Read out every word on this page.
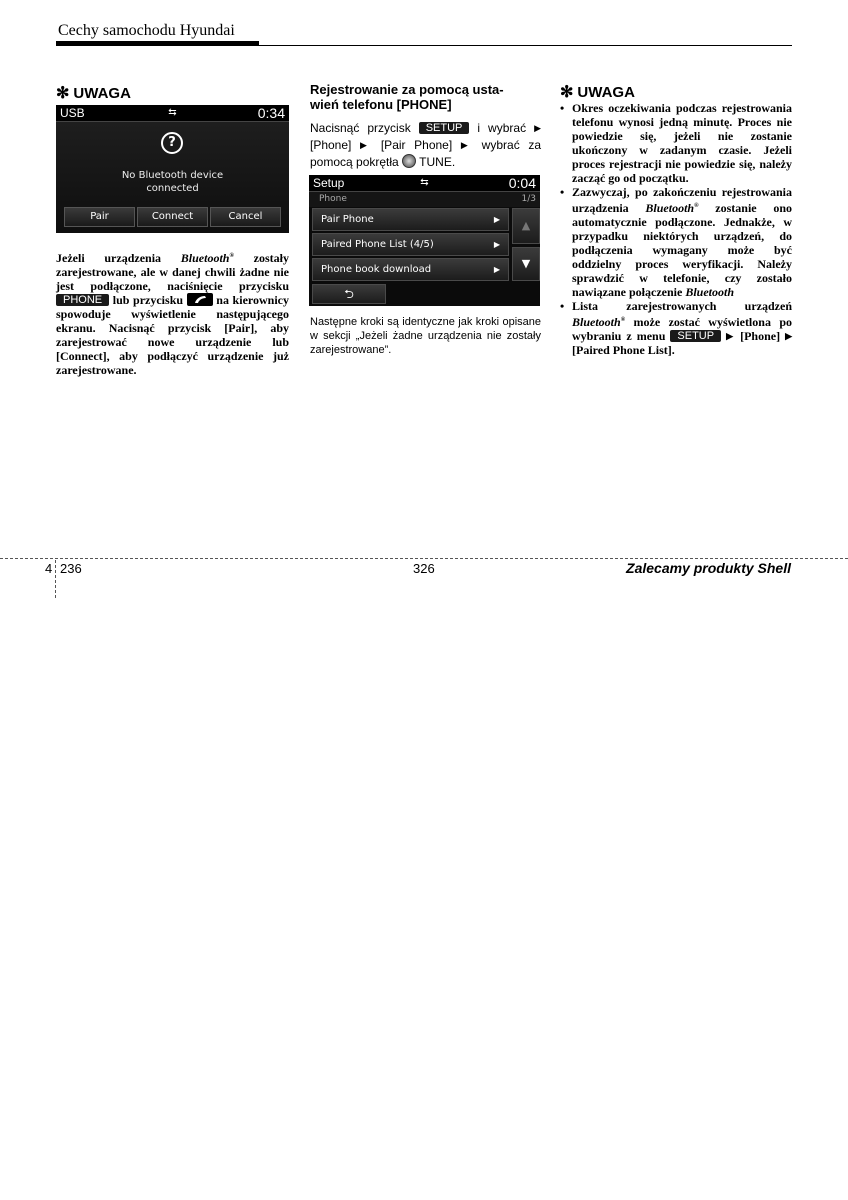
Cechy samochodu Hyundai
✻ UWAGA
USB	⇆	0:34
?
No Bluetooth device
connected
Pair	Connect	Cancel
Jeżeli urządzenia Bluetooth® zostały zarejestrowane, ale w danej chwili żadne nie jest podłączone, naciśnięcie przycisku PHONE lub przycisku  na kierownicy spowoduje wyświetlenie następującego ekranu. Nacisnąć przycisk [Pair], aby zarejestrować nowe urządzenie lub [Connect], aby podłączyć urządzenie już zarejestrowane.
Rejestrowanie za pomocą usta-
wień telefonu [PHONE]
Nacisnąć przycisk SETUP i wybrać ▶ [Phone] ▶ [Pair Phone] ▶ wybrać za pomocą pokrętła  TUNE.
Setup	⇆	0:04
Phone	1/3
Pair Phone	▶
Paired Phone List (4/5)	▶
Phone book download	▶
▲
▼
⮌
Następne kroki są identyczne jak kroki opisane w sekcji „Jeżeli żadne urządzenia nie zostały zarejestrowane”.
✻ UWAGA
• Okres oczekiwania podczas rejestrowania telefonu wynosi jedną minutę. Proces nie powiedzie się, jeżeli nie zostanie ukończony w zadanym czasie. Jeżeli proces rejestracji nie powiedzie się, należy zacząć go od początku.
• Zazwyczaj, po zakończeniu rejestrowania urządzenia Bluetooth® zostanie ono automatycznie podłączone. Jednakże, w przypadku niektórych urządzeń, do podłączenia wymagany może być oddzielny proces weryfikacji. Należy sprawdzić w telefonie, czy zostało nawiązane połączenie Bluetooth
• Lista zarejestrowanych urządzeń Bluetooth® może zostać wyświetlona po wybraniu z menu SETUP ▶ [Phone] ▶ [Paired Phone List].
4 236	326	Zalecamy produkty Shell
